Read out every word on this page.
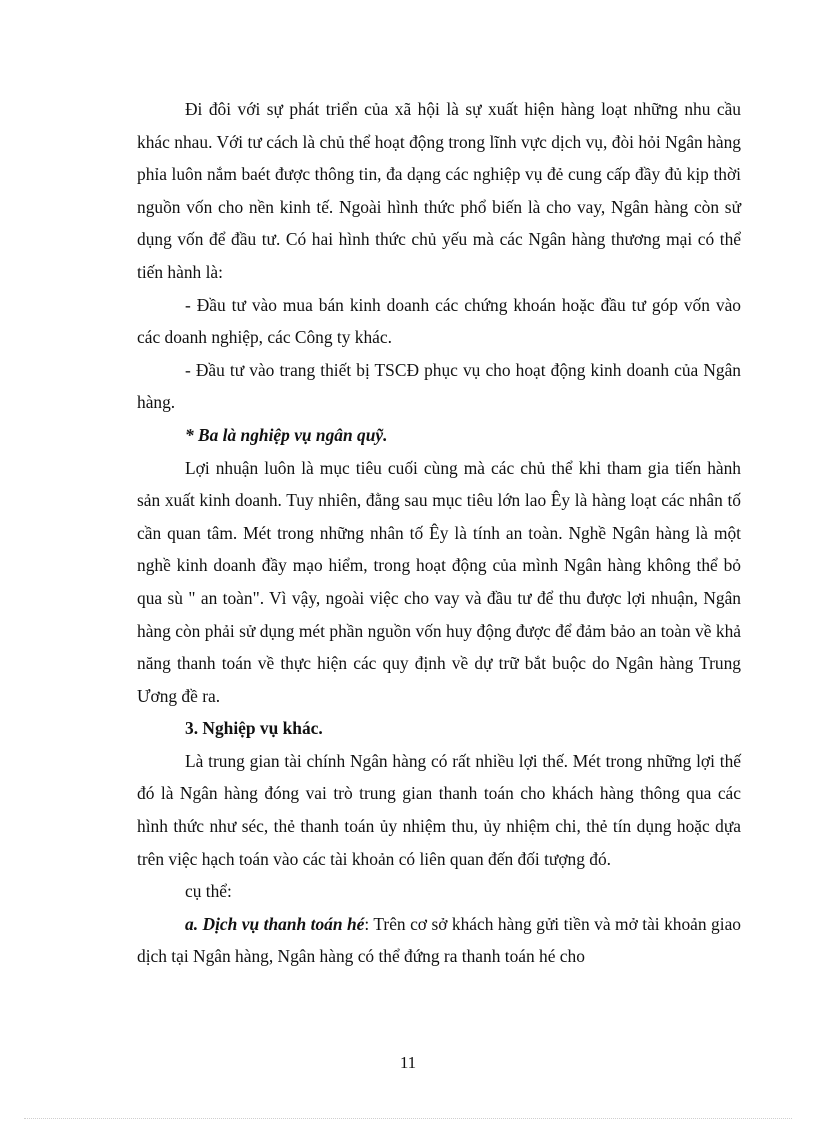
Đi đôi với sự phát triển của xã hội là sự xuất hiện hàng loạt những nhu cầu khác nhau. Với tư cách là chủ thể hoạt động trong lĩnh vực dịch vụ, đòi hỏi Ngân hàng phỉa luôn nắm baét được thông tin, đa dạng các nghiệp vụ đẻ cung cấp đầy đủ kịp thời nguồn vốn cho nền kinh tế. Ngoài hình thức phổ biến là cho vay, Ngân hàng còn sử dụng vốn để đầu tư. Có hai hình thức chủ yếu mà các Ngân hàng thương mại có thể tiến hành là:

- Đầu tư vào mua bán kinh doanh các chứng khoán hoặc đầu tư góp vốn vào các doanh nghiệp, các Công ty khác.

- Đầu tư vào trang thiết bị TSCĐ phục vụ cho hoạt động kinh doanh của Ngân hàng.

* Ba là nghiệp vụ ngân quỹ.

Lợi nhuận luôn là mục tiêu cuối cùng mà các chủ thể khi tham gia tiến hành sản xuất kinh doanh. Tuy nhiên, đằng sau mục tiêu lớn lao Êy là hàng loạt các nhân tố cần quan tâm. Mét trong những nhân tố Êy là tính an toàn. Nghề Ngân hàng là một nghề kinh doanh đầy mạo hiểm, trong hoạt động của mình Ngân hàng không thể bỏ qua sù " an toàn". Vì vậy, ngoài việc cho vay và đầu tư để thu được lợi nhuận, Ngân hàng còn phải sử dụng mét phần nguồn vốn huy động được để đảm bảo an toàn về khả năng thanh toán về thực hiện các quy định về dự trữ bắt buộc do Ngân hàng Trung Ương đề ra.

3. Nghiệp vụ khác.

Là trung gian tài chính Ngân hàng có rất nhiều lợi thế. Mét trong những lợi thế đó là Ngân hàng đóng vai trò trung gian thanh toán cho khách hàng thông qua các hình thức như séc, thẻ thanh toán ủy nhiệm thu, ủy nhiệm chi, thẻ tín dụng hoặc dựa trên việc hạch toán vào các tài khoản có liên quan đến đối tượng đó.

cụ thể:

a. Dịch vụ thanh toán hé: Trên cơ sở khách hàng gửi tiền và mở tài khoản giao dịch tại Ngân hàng, Ngân hàng có thể đứng ra thanh toán hé cho

11
